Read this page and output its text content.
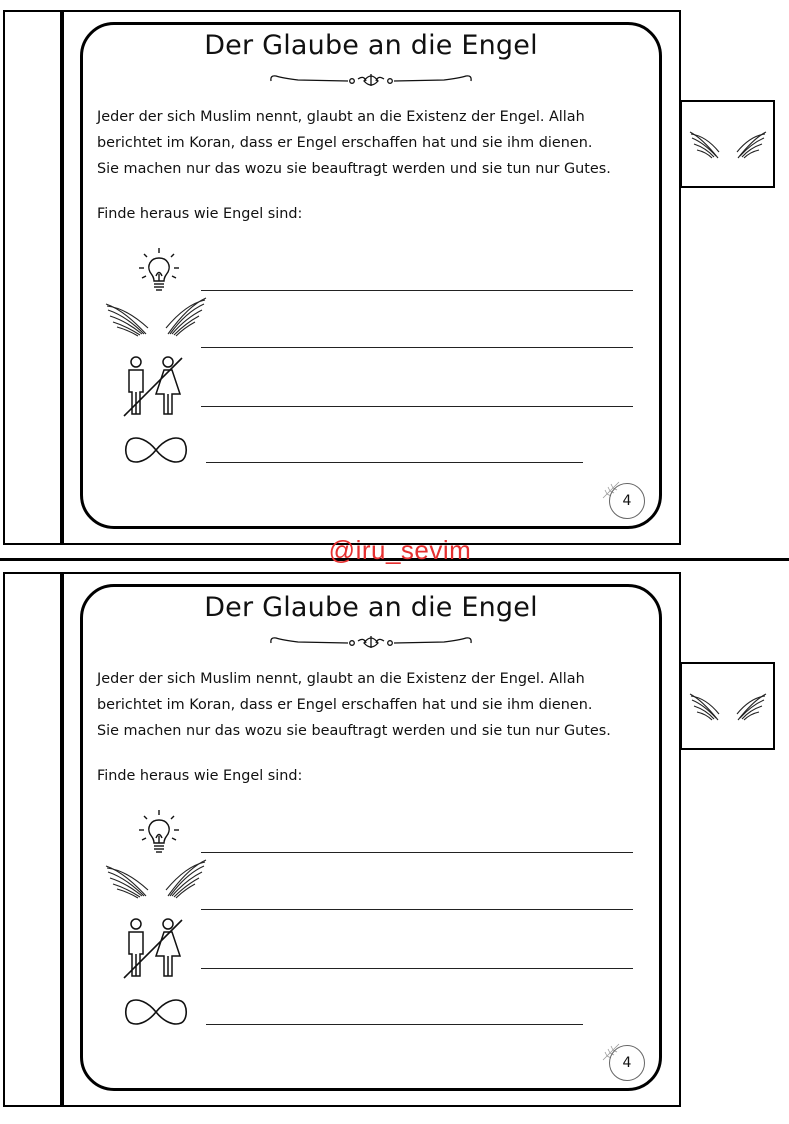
Der Glaube an die Engel

Jeder der sich Muslim nennt, glaubt an die Existenz der Engel. Allah
berichtet im Koran, dass er Engel erschaffen hat und sie ihm dienen.
Sie machen nur das wozu sie beauftragt werden und sie tun nur Gutes.

Finde heraus wie Engel sind:
4
@iru_sevim
Der Glaube an die Engel

Jeder der sich Muslim nennt, glaubt an die Existenz der Engel. Allah
berichtet im Koran, dass er Engel erschaffen hat und sie ihm dienen.
Sie machen nur das wozu sie beauftragt werden und sie tun nur Gutes.

Finde heraus wie Engel sind:
4
